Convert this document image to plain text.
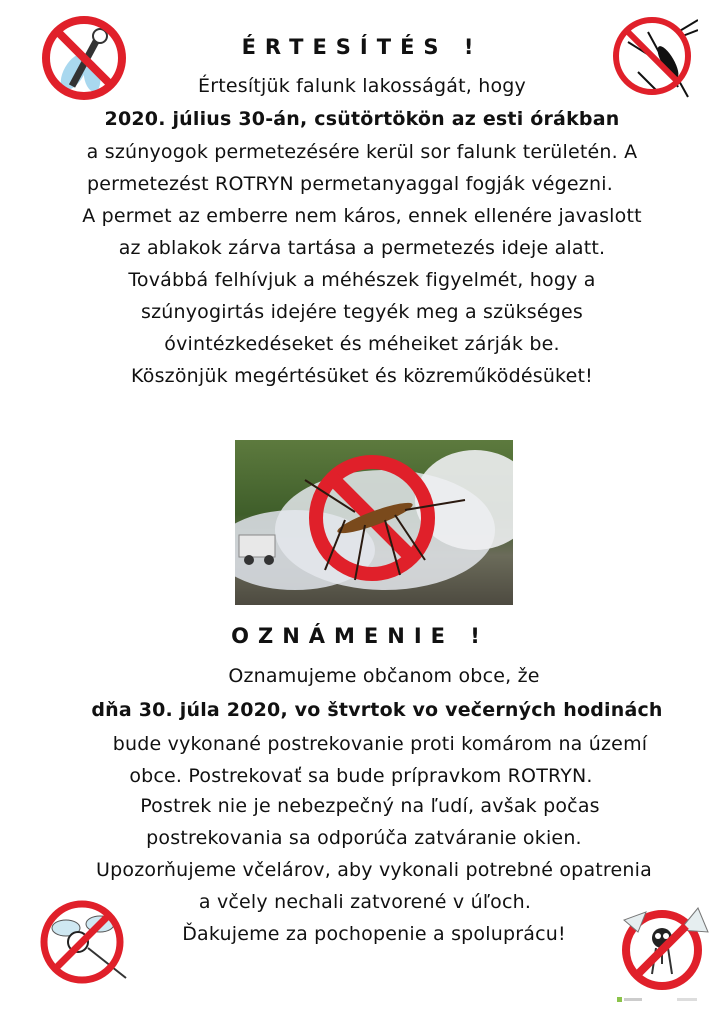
ÉRTESÍTÉS !
Értesítjük falunk lakosságát, hogy
2020. július 30-án, csütörtökön az esti órákban
a szúnyogok permetezésére kerül sor falunk területén. A
permetezést ROTRYN permetanyaggal fogják végezni.
A permet az emberre nem káros, ennek ellenére javaslott
az ablakok zárva tartása a permetezés ideje alatt.
Továbbá felhívjuk a méhészek figyelmét, hogy a
szúnyogirtás idejére tegyék meg a szükséges
óvintézkedéseket és méheiket zárják be.
Köszönjük megértésüket és közreműködésüket!
OZNÁMENIE !
Oznamujeme občanom obce, že
dňa 30. júla 2020, vo štvrtok vo večerných hodinách
bude vykonané postrekovanie proti komárom na území
obce. Postrekovať sa bude prípravkom ROTRYN.
Postrek nie je nebezpečný na ľudí, avšak počas
postrekovania sa odporúča zatváranie okien.
Upozorňujeme včelárov, aby vykonali potrebné opatrenia
a včely nechali zatvorené v úľoch.
Ďakujeme za pochopenie a spoluprácu!
